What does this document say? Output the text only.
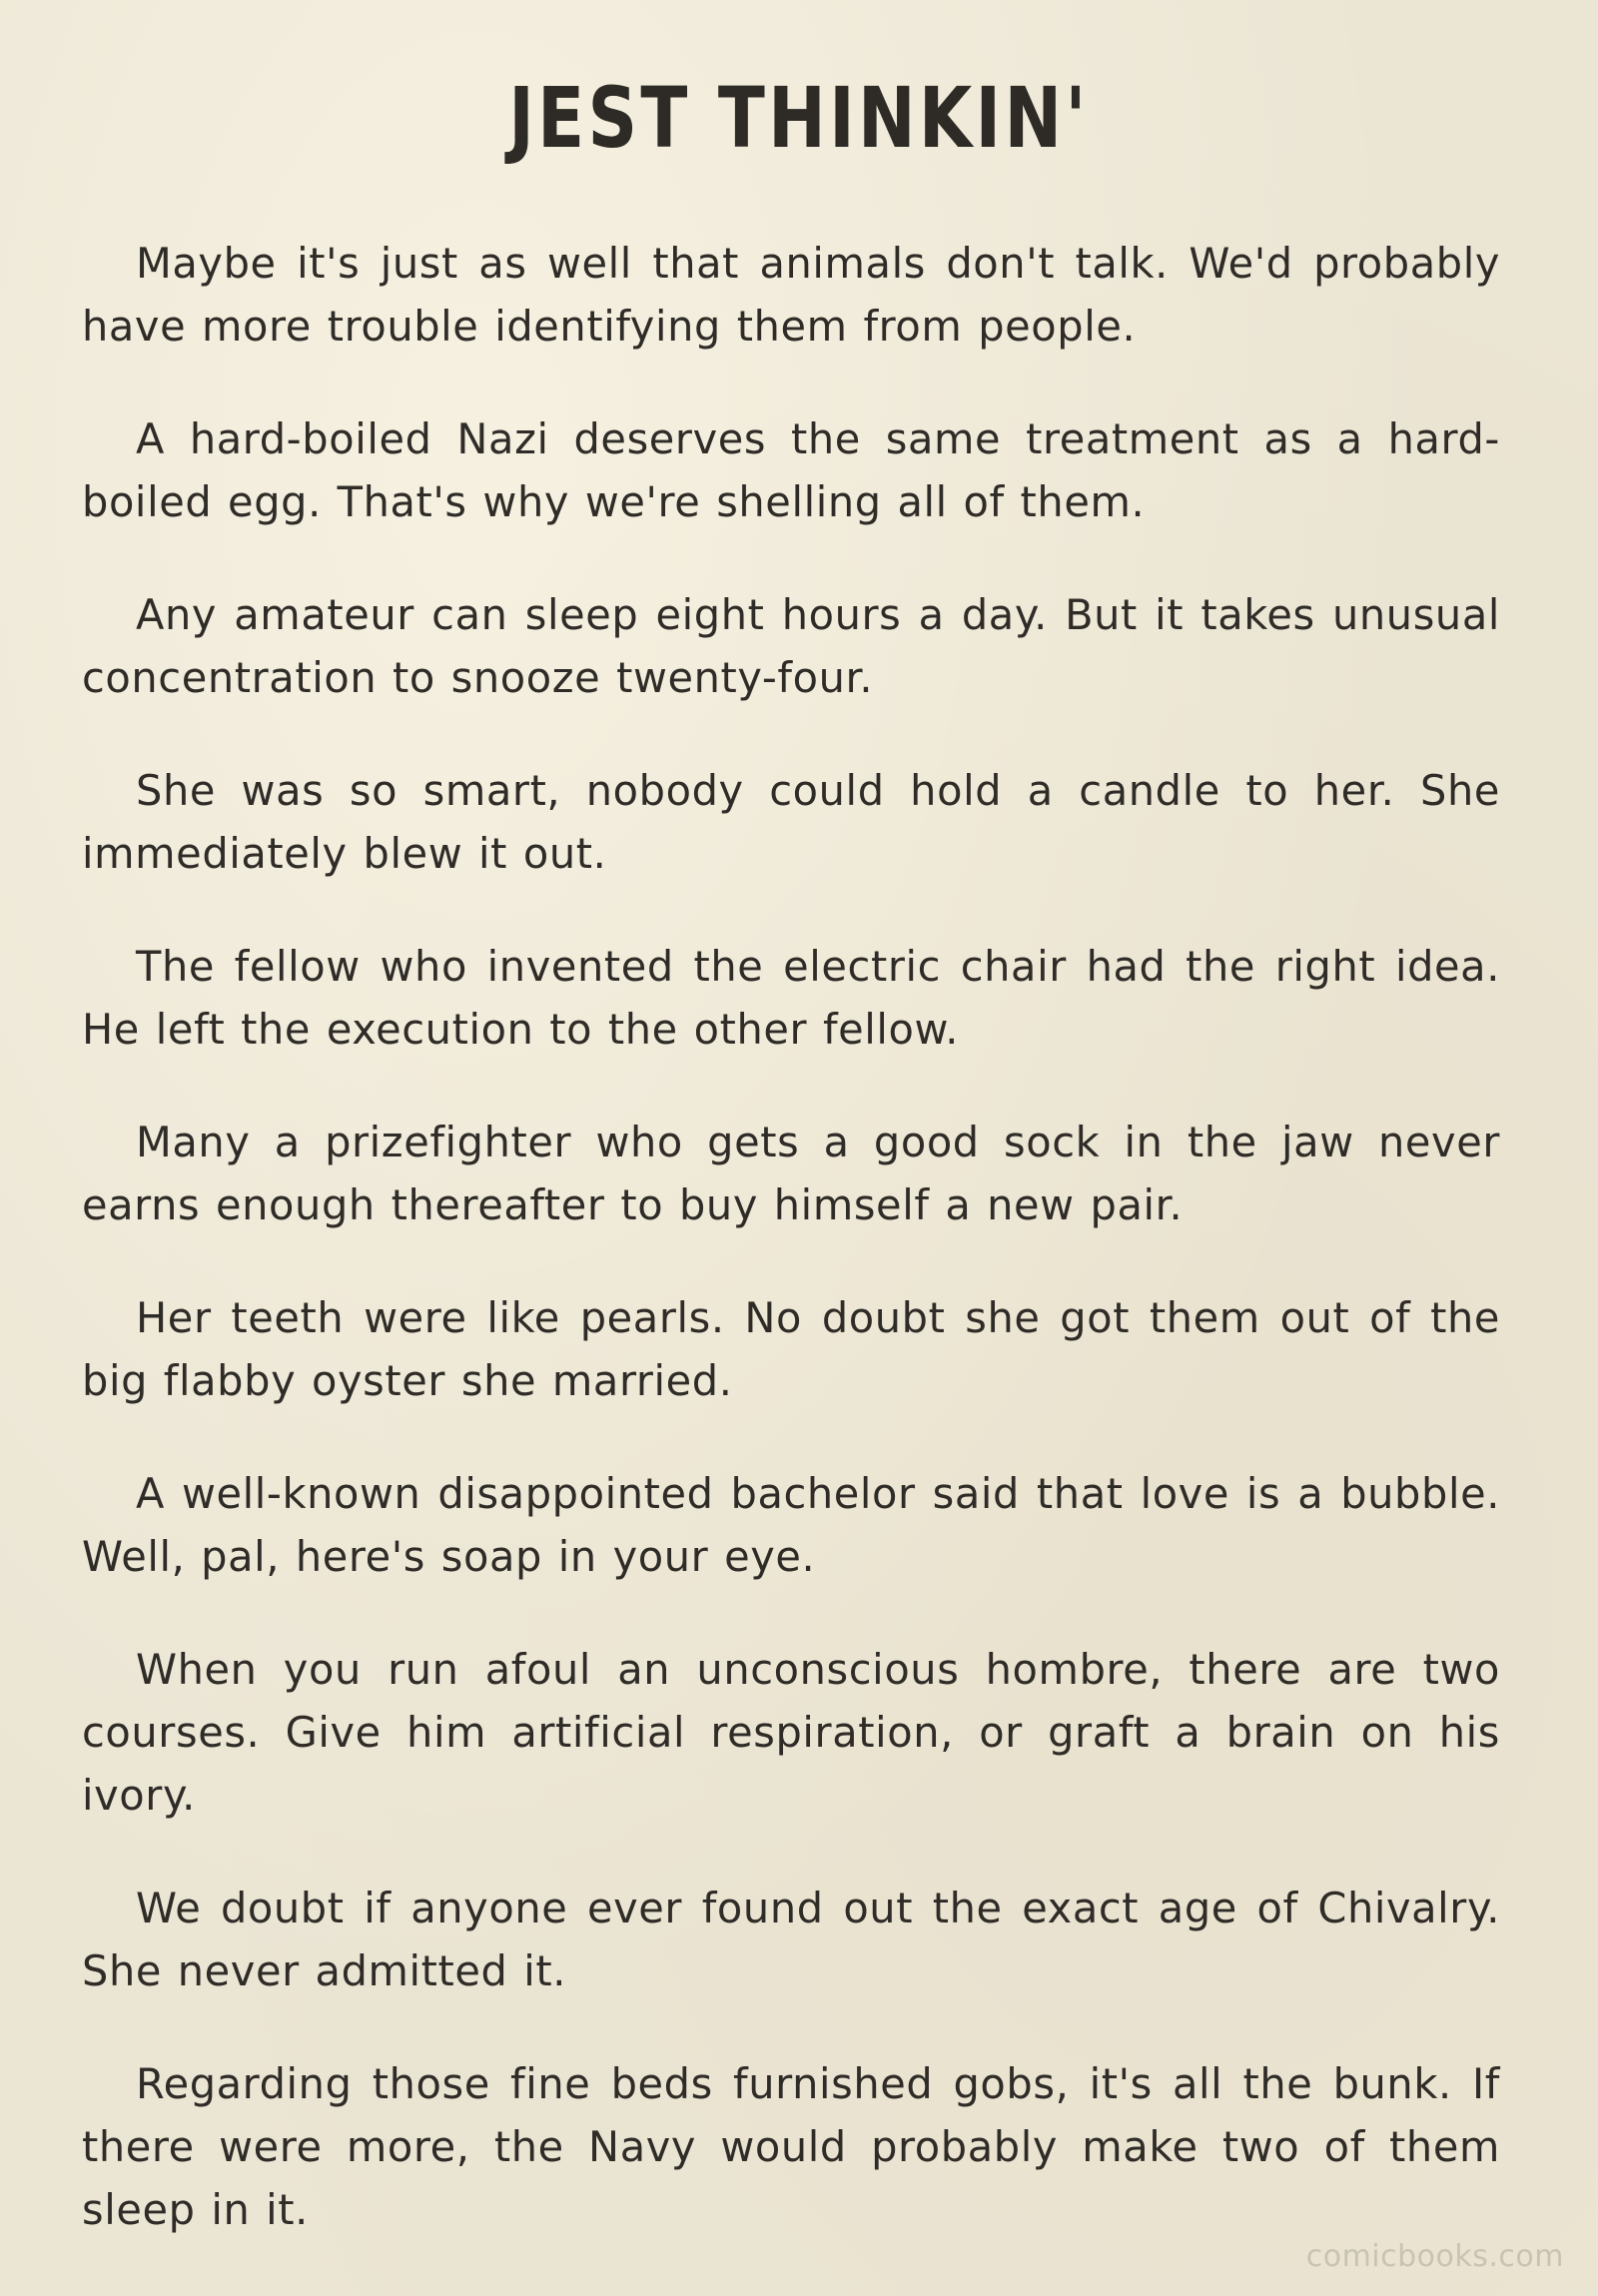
JEST THINKIN'
Maybe it's just as well that animals don't talk. We'd probably have more trouble identifying them from people.
A hard-boiled Nazi deserves the same treatment as a hard-boiled egg. That's why we're shelling all of them.
Any amateur can sleep eight hours a day. But it takes unusual concentration to snooze twenty-four.
She was so smart, nobody could hold a candle to her. She immediately blew it out.
The fellow who invented the electric chair had the right idea. He left the execution to the other fellow.
Many a prizefighter who gets a good sock in the jaw never earns enough thereafter to buy himself a new pair.
Her teeth were like pearls. No doubt she got them out of the big flabby oyster she married.
A well-known disappointed bachelor said that love is a bubble. Well, pal, here's soap in your eye.
When you run afoul an unconscious hombre, there are two courses. Give him artificial respiration, or graft a brain on his ivory.
We doubt if anyone ever found out the exact age of Chivalry. She never admitted it.
Regarding those fine beds furnished gobs, it's all the bunk. If there were more, the Navy would probably make two of them sleep in it.
comicbooks.com
